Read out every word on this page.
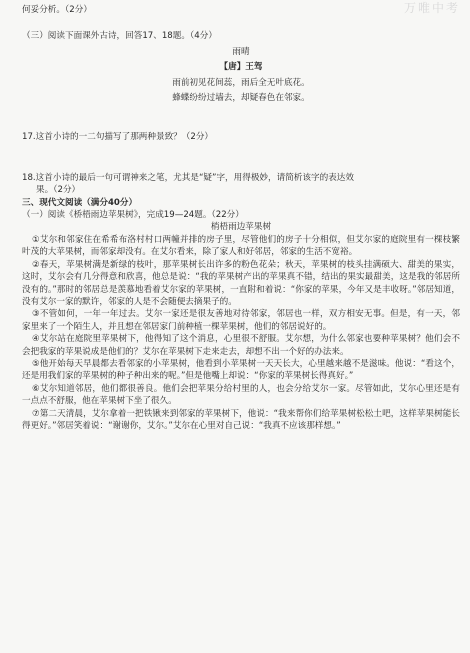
万唯中考
何妥分析。（2分）
（三）阅读下面课外古诗，回答17、18题。（4分）
雨晴
【唐】王驾
雨前初见花间蕊，雨后全无叶底花。
蜂蝶纷纷过墙去，却疑春色在邻家。
17.这首小诗的一二句描写了那两种景致？（2分）
18.这首小诗的最后一句可谓神来之笔，尤其是“疑”字，用得极妙，请简析该字的表达效
果。（2分）
三、现代文阅读（满分40分）
（一）阅读《桥梧雨边苹果树》，完成19—24题。（22分）
梢梧雨边苹果树
①艾尔和邻家住在希希布洛村村口两幢并排的房子里，尽管他们的房子十分相似，但艾尔家的庭院里有一棵枝繁叶茂的大苹果树，而邻家却没有。在艾尔看来，除了家人和好邻居，邻家的生活不宽裕。
②春天，苹果树满是新绿的枝叶，那苹果树长出许多的粉色花朵；秋天，苹果树的枝头挂满硕大、甜美的果实，这时，艾尔会有几分得意和欣喜，他总是说：“我的苹果树产出的苹果真不错，结出的果实最甜美，这是我的邻居所没有的。”那时的邻居总是羡慕地看着艾尔家的苹果树，一直附和着说：“你家的苹果，今年又是丰收呀。”邻居知道，没有艾尔一家的默许，邻家的人是不会随便去摘果子的。
③不管如何，一年一年过去。艾尔一家还是很友善地对待邻家，邻居也一样，双方相安无事。但是，有一天，邻家里来了一个陌生人，并且想在邻居家门前种植一棵苹果树，他们的邻居说好的。
④艾尔站在庭院里苹果树下，他得知了这个消息，心里很不舒服。艾尔想，为什么邻家也要种苹果树？他们会不会把我家的苹果说成是他们的？艾尔在苹果树下走来走去，却想不出一个好的办法来。
⑤他开始每天早晨都去看邻家的小苹果树，他看到小苹果树一天天长大，心里越来越不是滋味。他说：“看这个，还是用我们家的苹果树的种子种出来的呢。”但是他嘴上却说：“你家的苹果树长得真好。”
⑥艾尔知道邻居，他们都很善良。他们会把苹果分给村里的人，也会分给艾尔一家。尽管如此，艾尔心里还是有一点点不舒服，他在苹果树下坐了很久。
⑦第二天清晨，艾尔拿着一把铁锹来到邻家的苹果树下，他说：“我来帮你们给苹果树松松土吧，这样苹果树能长得更好。”邻居笑着说：“谢谢你，艾尔。”艾尔在心里对自己说：“我真不应该那样想。”
